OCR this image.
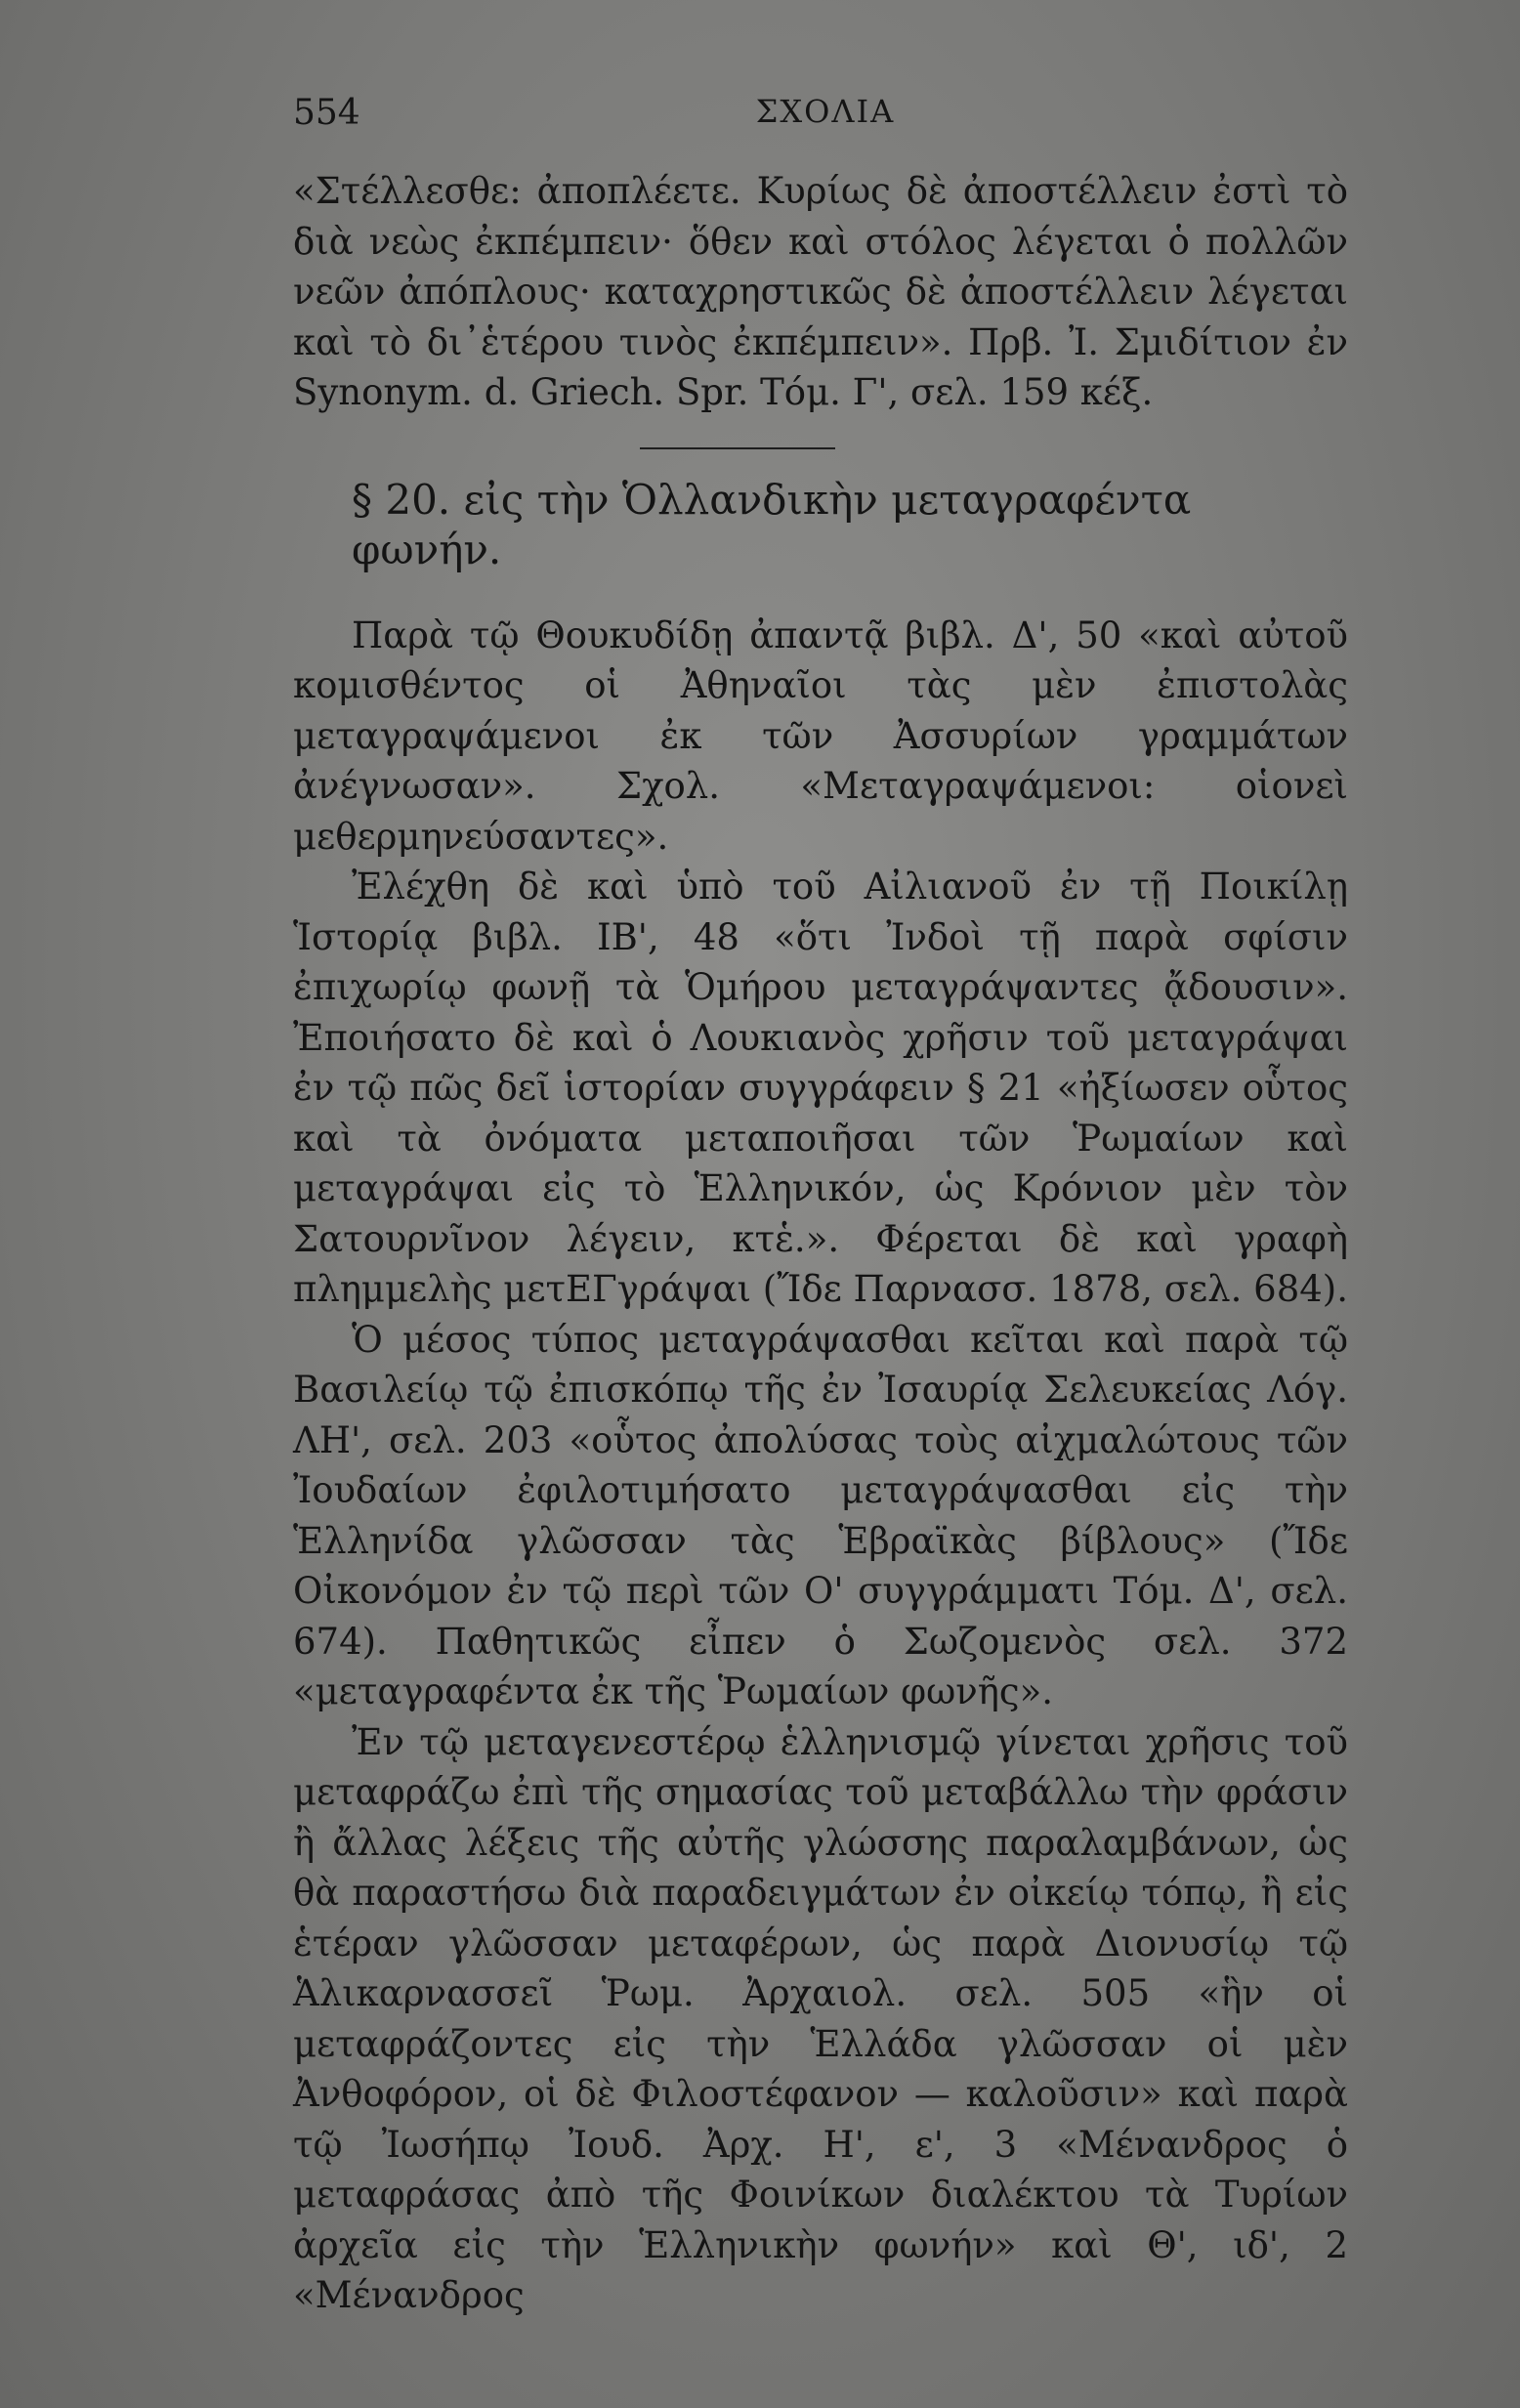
554	ΣΧΟΛΙΑ

«Στέλλεσθε: ἀποπλέετε. Κυρίως δὲ ἀποστέλλειν ἐστὶ τὸ διὰ νεὼς ἐκπέμπειν· ὅθεν καὶ στόλος λέγεται ὁ πολλῶν νεῶν ἀπόπλους· καταχρηστικῶς δὲ ἀποστέλλειν λέγεται καὶ τὸ δι᾽ἑτέρου τινὸς ἐκπέμπειν». Πρβ. Ἰ. Σμιδίτιον ἐν Synonym. d. Griech. Spr. Τόμ. Γ', σελ. 159 κέξ.

§ 20. εἰς τὴν Ὁλλανδικὴν μεταγραφέντα φωνήν.

Παρὰ τῷ Θουκυδίδῃ ἀπαντᾷ βιβλ. Δ', 50 «καὶ αὐτοῦ κομισθέντος οἱ Ἀθηναῖοι τὰς μὲν ἐπιστολὰς μεταγραψάμενοι ἐκ τῶν Ἀσσυρίων γραμμάτων ἀνέγνωσαν». Σχολ. «Μεταγραψάμενοι: οἱονεὶ μεθερμηνεύσαντες».

Ἐλέχθη δὲ καὶ ὑπὸ τοῦ Αἰλιανοῦ ἐν τῇ Ποικίλῃ Ἱστορίᾳ βιβλ. ΙΒ', 48 «ὅτι Ἰνδοὶ τῇ παρὰ σφίσιν ἐπιχωρίῳ φωνῇ τὰ Ὁμήρου μεταγράψαντες ᾄδουσιν». Ἐποιήσατο δὲ καὶ ὁ Λουκιανὸς χρῆσιν τοῦ μεταγράψαι ἐν τῷ πῶς δεῖ ἱστορίαν συγγράφειν § 21 «ἠξίωσεν οὗτος καὶ τὰ ὀνόματα μεταποιῆσαι τῶν Ῥωμαίων καὶ μεταγράψαι εἰς τὸ Ἑλληνικόν, ὡς Κρόνιον μὲν τὸν Σατουρνῖνον λέγειν, κτἑ.». Φέρεται δὲ καὶ γραφὴ πλημμελὴς μετΕΓγράψαι (Ἴδε Παρνασσ. 1878, σελ. 684).

Ὁ μέσος τύπος μεταγράψασθαι κεῖται καὶ παρὰ τῷ Βασιλείῳ τῷ ἐπισκόπῳ τῆς ἐν Ἰσαυρίᾳ Σελευκείας Λόγ. ΛΗ', σελ. 203 «οὗτος ἀπολύσας τοὺς αἰχμαλώτους τῶν Ἰουδαίων ἐφιλοτιμήσατο μεταγράψασθαι εἰς τὴν Ἑλληνίδα γλῶσσαν τὰς Ἑβραϊκὰς βίβλους» (Ἴδε Οἰκονόμον ἐν τῷ περὶ τῶν Ο' συγγράμματι Τόμ. Δ', σελ. 674). Παθητικῶς εἶπεν ὁ Σωζομενὸς σελ. 372 «μεταγραφέντα ἐκ τῆς Ῥωμαίων φωνῆς».

Ἐν τῷ μεταγενεστέρῳ ἑλληνισμῷ γίνεται χρῆσις τοῦ μεταφράζω ἐπὶ τῆς σημασίας τοῦ μεταβάλλω τὴν φράσιν ἢ ἄλλας λέξεις τῆς αὐτῆς γλώσσης παραλαμβάνων, ὡς θὰ παραστήσω διὰ παραδειγμάτων ἐν οἰκείῳ τόπῳ, ἢ εἰς ἑτέραν γλῶσσαν μεταφέρων, ὡς παρὰ Διονυσίῳ τῷ Ἁλικαρνασσεῖ Ῥωμ. Ἀρχαιολ. σελ. 505 «ἣν οἱ μεταφράζοντες εἰς τὴν Ἑλλάδα γλῶσσαν οἱ μὲν Ἀνθοφόρον, οἱ δὲ Φιλοστέφανον — καλοῦσιν» καὶ παρὰ τῷ Ἰωσήπῳ Ἰουδ. Ἀρχ. Η', ε', 3 «Μένανδρος ὁ μεταφράσας ἀπὸ τῆς Φοινίκων διαλέκτου τὰ Τυρίων ἀρχεῖα εἰς τὴν Ἑλληνικὴν φωνήν» καὶ Θ', ιδ', 2 «Μένανδρος
